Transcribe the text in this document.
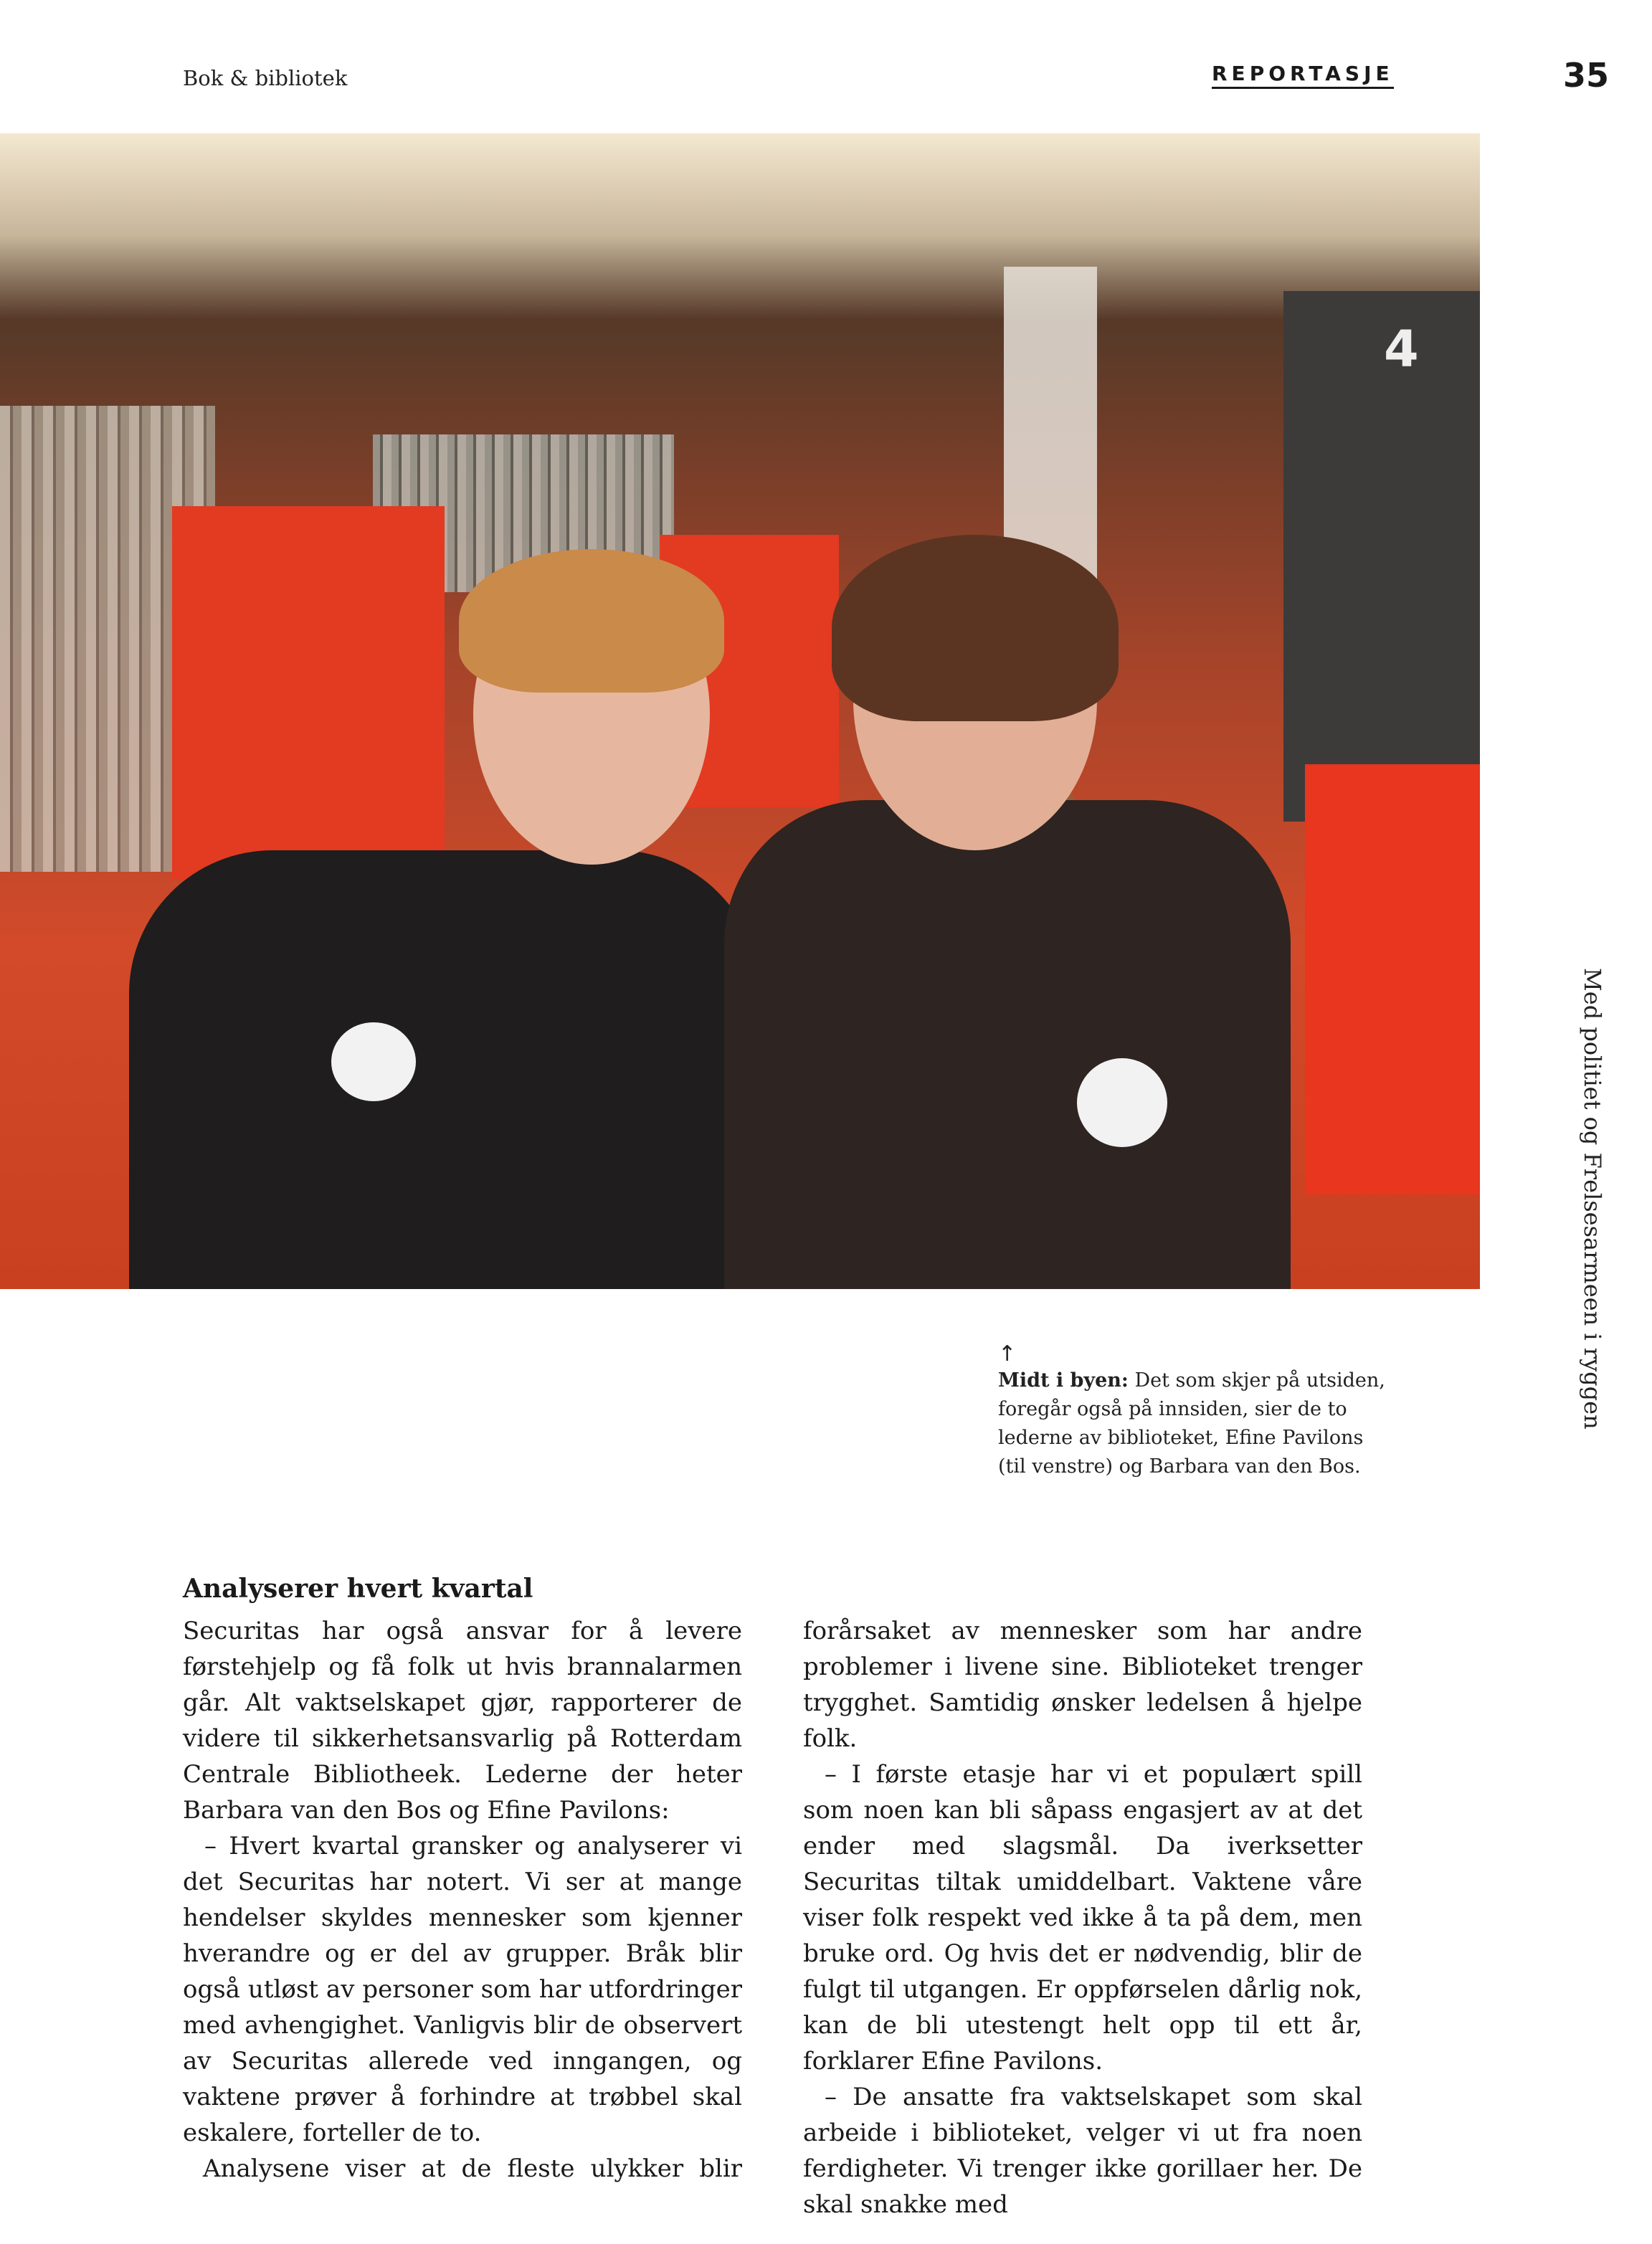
Bok & bibliotek	REPORTASJE	35
4
↑
Midt i byen: Det som skjer på utsiden, foregår også på innsiden, sier de to lederne av biblioteket, Efine Pavilons (til venstre) og Barbara van den Bos.
Med politiet og Frelsesarmeen i ryggen
Analyserer hvert kvartal

Securitas har også ansvar for å levere førstehjelp og få folk ut hvis brannalarmen går. Alt vaktselskapet gjør, rapporterer de videre til sikkerhetsansvarlig på Rotterdam Centrale Bibliotheek. Lederne der heter Barbara van den Bos og Efine Pavilons:

– Hvert kvartal gransker og analyserer vi det Securitas har notert. Vi ser at mange hendelser skyldes mennesker som kjenner hverandre og er del av grupper. Bråk blir også utløst av personer som har utfordringer med avhengighet. Vanligvis blir de observert av Securitas allerede ved inngangen, og vaktene prøver å forhindre at trøbbel skal eskalere, forteller de to.

Analysene viser at de fleste ulykker blir

forårsaket av mennesker som har andre problemer i livene sine. Biblioteket trenger trygghet. Samtidig ønsker ledelsen å hjelpe folk.

– I første etasje har vi et populært spill som noen kan bli såpass engasjert av at det ender med slagsmål. Da iverksetter Securitas tiltak umiddelbart. Vaktene våre viser folk respekt ved ikke å ta på dem, men bruke ord. Og hvis det er nødvendig, blir de fulgt til utgangen. Er oppførselen dårlig nok, kan de bli utestengt helt opp til ett år, forklarer Efine Pavilons.

– De ansatte fra vaktselskapet som skal arbeide i biblioteket, velger vi ut fra noen ferdigheter. Vi trenger ikke gorillaer her. De skal snakke med
